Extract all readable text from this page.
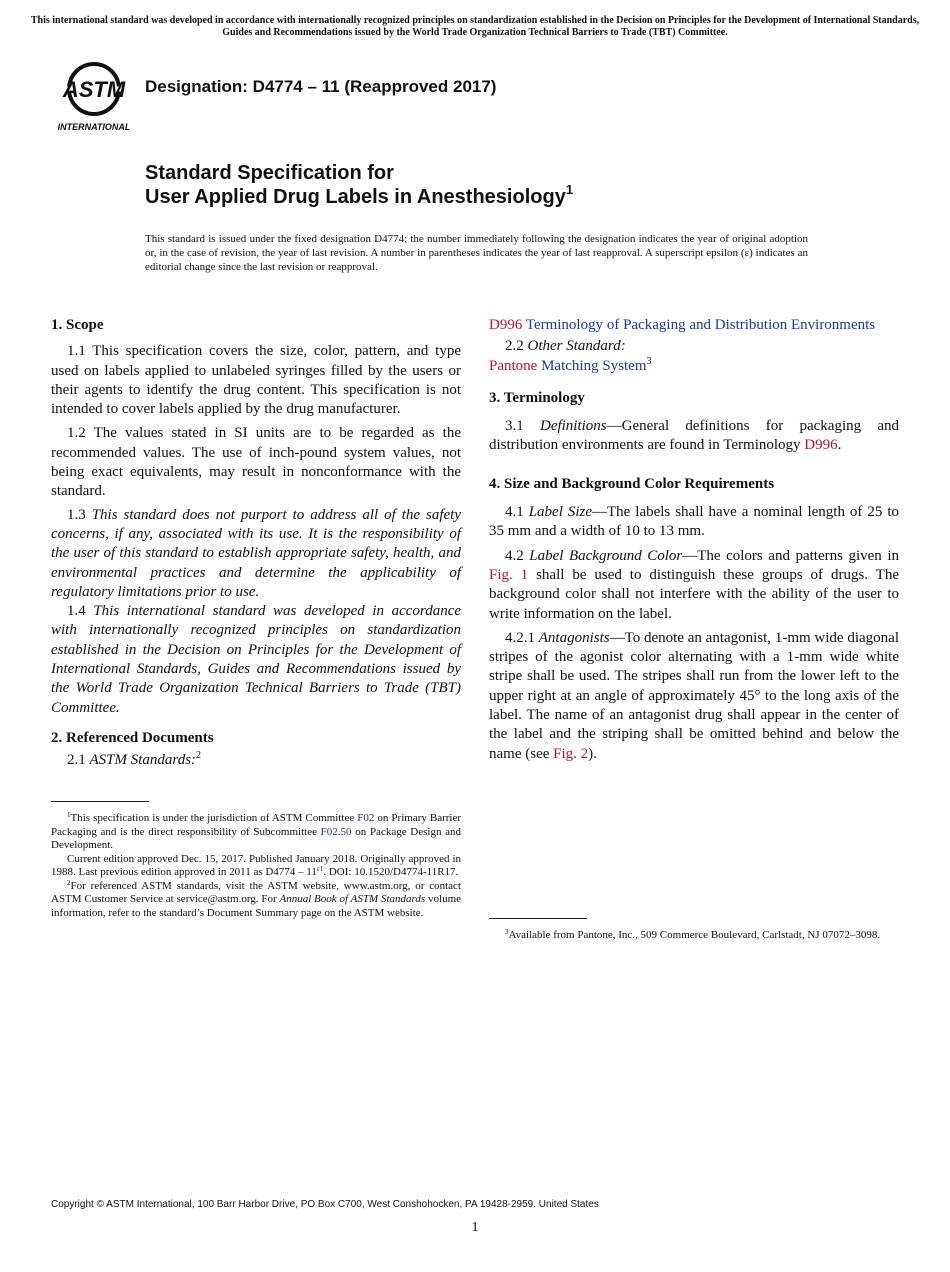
This international standard was developed in accordance with internationally recognized principles on standardization established in the Decision on Principles for the Development of International Standards, Guides and Recommendations issued by the World Trade Organization Technical Barriers to Trade (TBT) Committee.
ASTM
INTERNATIONAL
Designation: D4774 – 11 (Reapproved 2017)
Standard Specification for
User Applied Drug Labels in Anesthesiology$^1$
This standard is issued under the fixed designation D4774; the number immediately following the designation indicates the year of original adoption or, in the case of revision, the year of last revision. A number in parentheses indicates the year of last reapproval. A superscript epsilon (ε) indicates an editorial change since the last revision or reapproval.
1. Scope

1.1 This specification covers the size, color, pattern, and type used on labels applied to unlabeled syringes filled by the users or their agents to identify the drug content. This specification is not intended to cover labels applied by the drug manufacturer.

1.2 The values stated in SI units are to be regarded as the recommended values. The use of inch-pound system values, not being exact equivalents, may result in nonconformance with the standard.

1.3 This standard does not purport to address all of the safety concerns, if any, associated with its use. It is the responsibility of the user of this standard to establish appropriate safety, health, and environmental practices and determine the applicability of regulatory limitations prior to use.

1.4 This international standard was developed in accordance with internationally recognized principles on standardization established in the Decision on Principles for the Development of International Standards, Guides and Recommendations issued by the World Trade Organization Technical Barriers to Trade (TBT) Committee.

2. Referenced Documents

2.1 ASTM Standards:$^2$

$^1$This specification is under the jurisdiction of ASTM Committee F02 on Primary Barrier Packaging and is the direct responsibility of Subcommittee F02.50 on Package Design and Development.

Current edition approved Dec. 15, 2017. Published January 2018. Originally approved in 1988. Last previous edition approved in 2011 as $D4774 - 11^{\varepsilon 1}$. DOI: 10.1520/D4774-11R17.

$^2$For referenced ASTM standards, visit the ASTM website, www.astm.org, or contact ASTM Customer Service at service@astm.org. For Annual Book of ASTM Standards volume information, refer to the standard’s Document Summary page on the ASTM website.

D996 Terminology of Packaging and Distribution Environments

2.2 Other Standard:

Pantone Matching System$^3$

3. Terminology

3.1 Definitions—General definitions for packaging and distribution environments are found in Terminology D996.

4. Size and Background Color Requirements

4.1 Label Size—The labels shall have a nominal length of 25 to 35 mm and a width of 10 to 13 mm.

4.2 Label Background Color—The colors and patterns given in Fig. 1 shall be used to distinguish these groups of drugs. The background color shall not interfere with the ability of the user to write information on the label.

4.2.1 Antagonists—To denote an antagonist, 1-mm wide diagonal stripes of the agonist color alternating with a 1-mm wide white stripe shall be used. The stripes shall run from the lower left to the upper right at an angle of approximately 45° to the long axis of the label. The name of an antagonist drug shall appear in the center of the label and the striping shall be omitted behind and below the name (see Fig. 2).

$^3$Available from Pantone, Inc., 509 Commerce Boulevard, Carlstadt, NJ 07072–3098.

Copyright © ASTM International, 100 Barr Harbor Drive, PO Box C700, West Conshohocken, PA 19428-2959. United States
1
